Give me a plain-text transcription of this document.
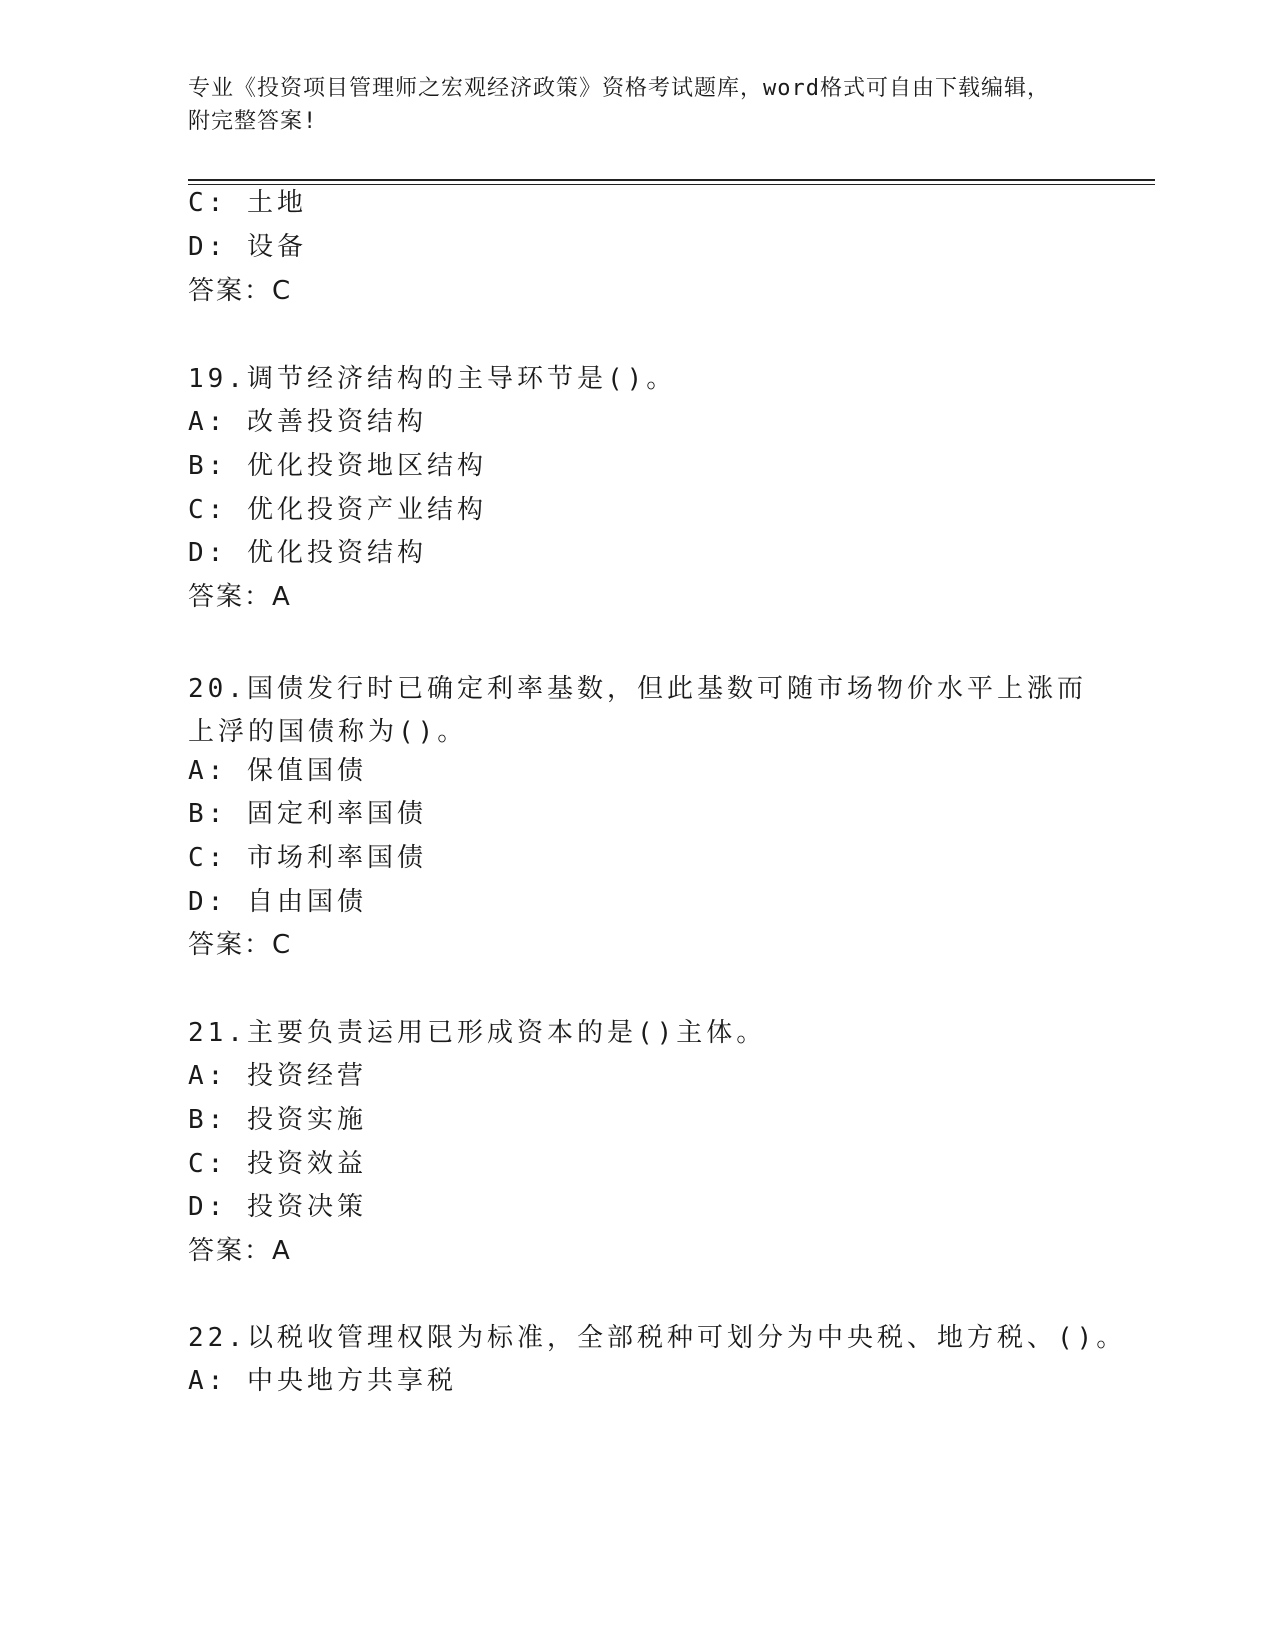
专业《投资项目管理师之宏观经济政策》资格考试题库，word格式可自由下载编辑，附完整答案!
C: 土地
D: 设备
答案：C
19.调节经济结构的主导环节是()。
A: 改善投资结构
B: 优化投资地区结构
C: 优化投资产业结构
D: 优化投资结构
答案：A
20.国债发行时已确定利率基数，但此基数可随市场物价水平上涨而上浮的国债称为()。
A: 保值国债
B: 固定利率国债
C: 市场利率国债
D: 自由国债
答案：C
21.主要负责运用已形成资本的是()主体。
A: 投资经营
B: 投资实施
C: 投资效益
D: 投资决策
答案：A
22.以税收管理权限为标准，全部税种可划分为中央税、地方税、()。
A: 中央地方共享税
